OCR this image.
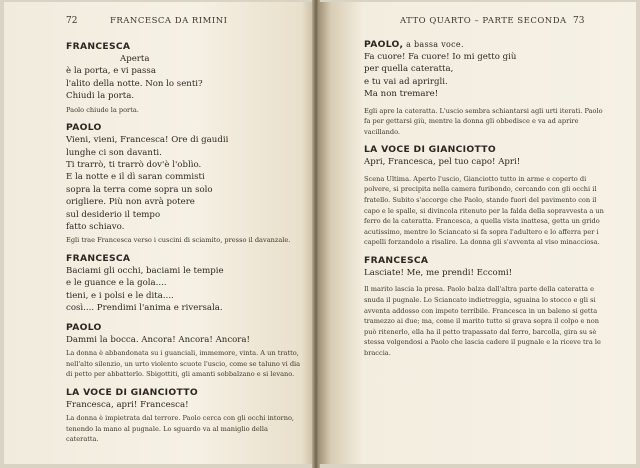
72	FRANCESCA DA RIMINI
FRANCESCA

Aperta

è la porta, e vi passa

l'alito della notte. Non lo senti?

Chiudi la porta.

Paolo chiude la porta.

PAOLO

Vieni, vieni, Francesca! Ore di gaudii

lunghe ci son davanti.

Ti trarrò, ti trarrò dov'è l'oblìo.

E la notte e il dì saran commisti

sopra la terra come sopra un solo

origliere. Più non avrà potere

sul desiderio il tempo

fatto schiavo.

Egli trae Francesca verso i cuscini di sciamito, presso il davanzale.

FRANCESCA

Baciami gli occhi, baciami le tempie

e le guance e la gola....

tieni, e i polsi e le dita....

così.... Prendimi l'anima e riversala.

PAOLO

Dammi la bocca. Ancora! Ancora! Ancora!

La donna è abbandonata su i guanciali, immemore, vinta. A un tratto, nell'alto silenzio, un urto violento scuote l'uscio, come se taluno vi dia di petto per abbatterlo. Sbigottiti, gli amanti sobbalzano e si levano.

LA VOCE DI GIANCIOTTO

Francesca, apri! Francesca!

La donna è impietrata dal terrore. Paolo cerca con gli occhi intorno, tenendo la mano al pugnale. Lo sguardo va al maniglio della cateratta.

ATTO QUARTO – PARTE SECONDA 73
PAOLO, a bassa voce.

Fa cuore! Fa cuore! Io mi getto giù

per quella cateratta,

e tu vai ad aprirgli.

Ma non tremare!

Egli apre la cateratta. L'uscio sembra schiantarsi agli urti iterati. Paolo fa per gettarsi giù, mentre la donna gli obbedisce e va ad aprire vacillando.

LA VOCE DI GIANCIOTTO

Apri, Francesca, pel tuo capo! Apri!

Scena Ultima. Aperto l'uscio, Gianciotto tutto in arme e coperto di polvere, si precipita nella camera furibondo, cercando con gli occhi il fratello. Subito s'accorge che Paolo, stando fuori del pavimento con il capo e le spalle, si divincola ritenuto per la falda della sopravvesta a un ferro de la cateratta. Francesca, a quella vista inattesa, getta un grido acutissimo, mentre lo Sciancato si fa sopra l'adultero e lo afferra per i capelli forzandolo a risalire. La donna gli s'avventa al viso minacciosa.

FRANCESCA

Lasciate! Me, me prendi! Eccomi!

Il marito lascia la presa. Paolo balza dall'altra parte della cateratta e snuda il pugnale. Lo Sciancato indietreggia, sguaina lo stocco e gli si avventa addosso con impeto terribile. Francesca in un baleno si getta tramezzo ai due; ma, come il marito tutto si grava sopra il colpo e non può ritenerlo, ella ha il petto trapassato dal ferro, barcolla, gira su sè stessa volgendosi a Paolo che lascia cadere il pugnale e la riceve tra le braccia.
